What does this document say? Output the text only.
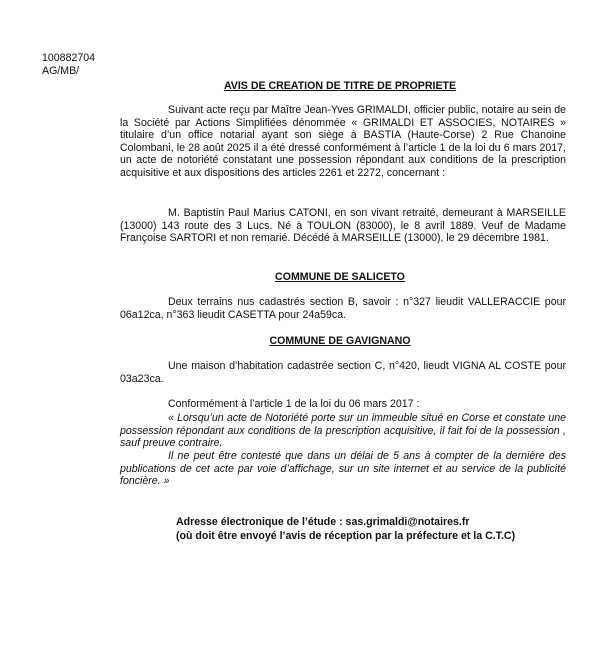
100882704
AG/MB/
AVIS DE CREATION DE TITRE DE PROPRIETE

Suivant acte reçu par Maître Jean-Yves GRIMALDI, officier public, notaire au sein de la Société par Actions Simplifiées dénommée « GRIMALDI ET ASSOCIES, NOTAIRES » titulaire d’un office notarial ayant son siège à BASTIA (Haute-Corse) 2 Rue Chanoine Colombani, le 28 août 2025 il a été dressé conformément à l’article 1 de la loi du 6 mars 2017, un acte de notoriété constatant une possession répondant aux conditions de la prescription acquisitive et aux dispositions des articles 2261 et 2272, concernant :

M. Baptistin Paul Marius CATONI, en son vivant retraité, demeurant à MARSEILLE (13000) 143 route des 3 Lucs. Né à TOULON (83000), le 8 avril 1889. Veuf de Madame Françoise SARTORI et non remarié. Décédé à MARSEILLE (13000), le 29 décembre 1981.

COMMUNE DE SALICETO

Deux terrains nus cadastrés section B, savoir : n°327 lieudit VALLERACCIE pour 06a12ca, n°363 lieudit CASETTA pour 24a59ca.

COMMUNE DE GAVIGNANO

Une maison d’habitation cadastrée section C, n°420, lieudt VIGNA AL COSTE pour 03a23ca.

Conformément à l’article 1 de la loi du 06 mars 2017 :

« Lorsqu’un acte de Notoriété porte sur un immeuble situé en Corse et constate une possession répondant aux conditions de la prescription acquisitive, il fait foi de la possession , sauf preuve contraire.

Il ne peut être contesté que dans un délai de 5 ans à compter de la dernière des publications de cet acte par voie d’affichage, sur un site internet et au service de la publicité foncière. »

Adresse électronique de l’étude : sas.grimaldi@notaires.fr
(où doit être envoyé l’avis de réception par la préfecture et la C.T.C)
